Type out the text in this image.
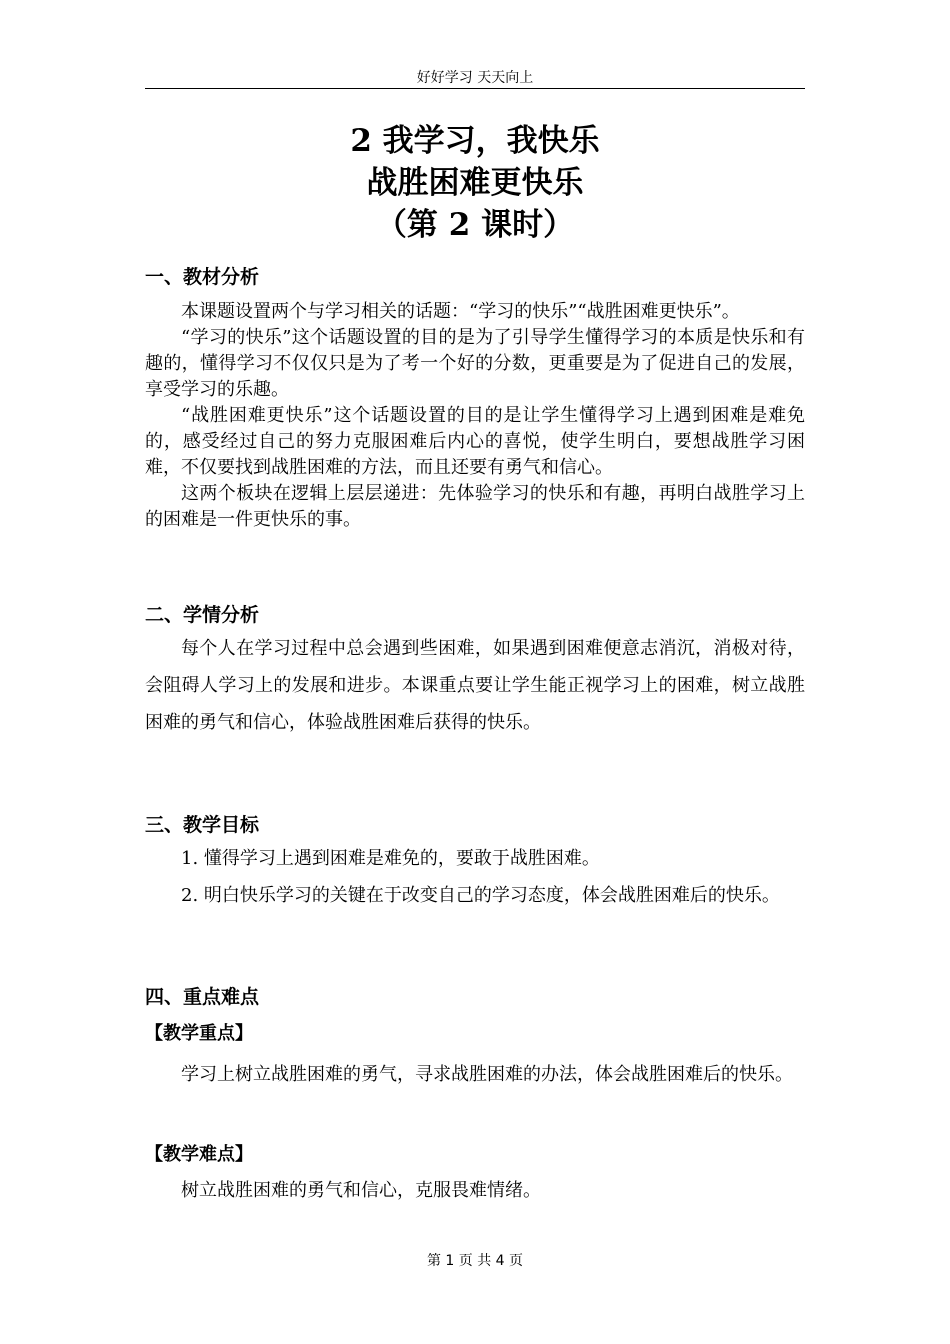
好好学习 天天向上
2 我学习，我快乐
战胜困难更快乐
（第 2 课时）
一、教材分析

本课题设置两个与学习相关的话题：“学习的快乐”“战胜困难更快乐”。

“学习的快乐”这个话题设置的目的是为了引导学生懂得学习的本质是快乐和有趣的，懂得学习不仅仅只是为了考一个好的分数，更重要是为了促进自己的发展，享受学习的乐趣。

“战胜困难更快乐”这个话题设置的目的是让学生懂得学习上遇到困难是难免的，感受经过自己的努力克服困难后内心的喜悦，使学生明白，要想战胜学习困难，不仅要找到战胜困难的方法，而且还要有勇气和信心。

这两个板块在逻辑上层层递进：先体验学习的快乐和有趣，再明白战胜学习上的困难是一件更快乐的事。

二、学情分析

每个人在学习过程中总会遇到些困难，如果遇到困难便意志消沉，消极对待，会阻碍人学习上的发展和进步。本课重点要让学生能正视学习上的困难，树立战胜困难的勇气和信心，体验战胜困难后获得的快乐。

三、教学目标

1. 懂得学习上遇到困难是难免的，要敢于战胜困难。

2. 明白快乐学习的关键在于改变自己的学习态度，体会战胜困难后的快乐。

四、重点难点
【教学重点】

学习上树立战胜困难的勇气，寻求战胜困难的办法，体会战胜困难后的快乐。

【教学难点】

树立战胜困难的勇气和信心，克服畏难情绪。

第 1 页 共 4 页
